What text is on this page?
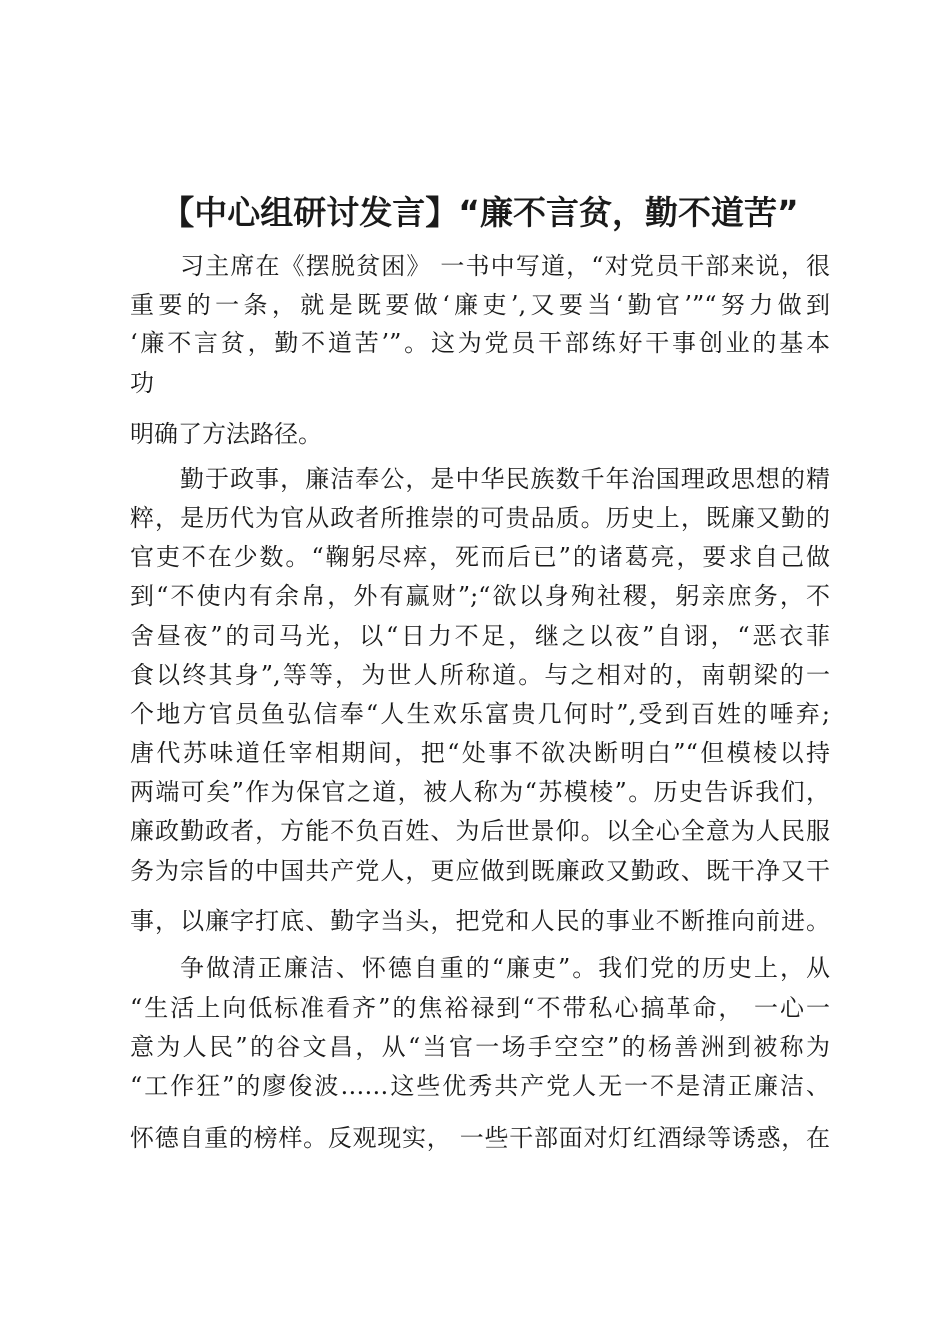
【中心组研讨发言】“廉不言贫，勤不道苦”

习主席在《摆脱贫困》 一书中写道，“对党员干部来说，很

重要的一条，就是既要做‘廉吏’,又要当‘勤官’”“努力做到

‘廉不言贫，勤不道苦’”。这为党员干部练好干事创业的基本

功

明确了方法路径。

勤于政事，廉洁奉公，是中华民族数千年治国理政思想的精

粹，是历代为官从政者所推崇的可贵品质。历史上，既廉又勤的

官吏不在少数。“鞠躬尽瘁，死而后已”的诸葛亮，要求自己做

到“不使内有余帛，外有赢财”;“欲以身殉社稷，躬亲庶务，不

舍昼夜”的司马光，以“日力不足，继之以夜”自诩，“恶衣菲

食以终其身”,等等，为世人所称道。与之相对的，南朝梁的一

个地方官员鱼弘信奉“人生欢乐富贵几何时”,受到百姓的唾弃;

唐代苏味道任宰相期间，把“处事不欲决断明白”“但模棱以持

两端可矣”作为保官之道，被人称为“苏模棱”。历史告诉我们，

廉政勤政者，方能不负百姓、为后世景仰。以全心全意为人民服

务为宗旨的中国共产党人，更应做到既廉政又勤政、既干净又干

事，以廉字打底、勤字当头，把党和人民的事业不断推向前进。

争做清正廉洁、怀德自重的“廉吏”。我们党的历史上，从

“生活上向低标准看齐”的焦裕禄到“不带私心搞革命， 一心一

意为人民”的谷文昌，从“当官一场手空空”的杨善洲到被称为

“工作狂”的廖俊波……这些优秀共产党人无一不是清正廉洁、

怀德自重的榜样。反观现实， 一些干部面对灯红酒绿等诱惑，在
